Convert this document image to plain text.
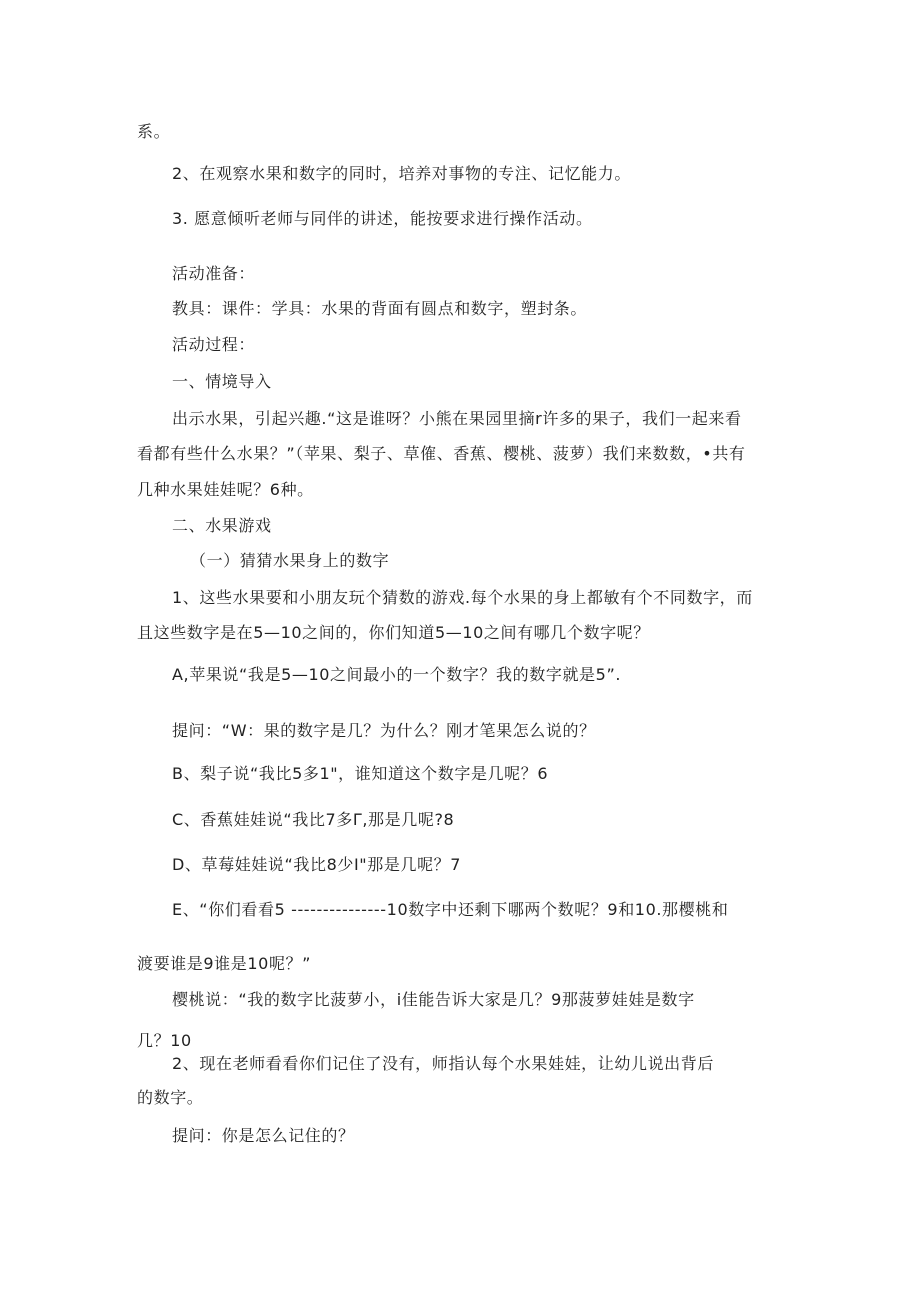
系。
2、在观察水果和数字的同时，培养对事物的专注、记忆能力。
3. 愿意倾听老师与同伴的讲述，能按要求进行操作活动。
活动准备：
教具：课件：学具：水果的背面有圆点和数字，塑封条。
活动过程：
一、情境导入
出示水果，引起兴趣.“这是谁呀？小熊在果园里摘r许多的果子，我们一起来看
看都有些什么水果？”（苹果、梨子、草傕、香蕉、樱桃、菠萝）我们来数数，•共有
几种水果娃娃呢？6种。
二、水果游戏
（一）猜猜水果身上的数字
1、这些水果要和小朋友玩个猜数的游戏.每个水果的身上都敏有个不同数字，而
且这些数字是在5—10之间的，你们知道5—10之间有哪几个数字呢？
A,苹果说“我是5—10之间最小的一个数字？我的数字就是5”.
提问：“W：果的数字是几？为什么？刚才笔果怎么说的？
B、梨子说“我比5多1"，谁知道这个数字是几呢？6
C、香蕉娃娃说“我比7多Γ,那是几呢?8
D、草莓娃娃说“我比8少I"那是几呢？7
E、“你们看看5 ---------------10数字中还剩下哪两个数呢？9和10.那樱桃和
渡要谁是9谁是10呢？”
樱桃说：“我的数字比菠萝小，i佳能告诉大家是几？9那菠萝娃娃是数字
几？10
2、现在老师看看你们记住了没有，师指认每个水果娃娃，让幼儿说出背后
的数字。
提问：你是怎么记住的？
